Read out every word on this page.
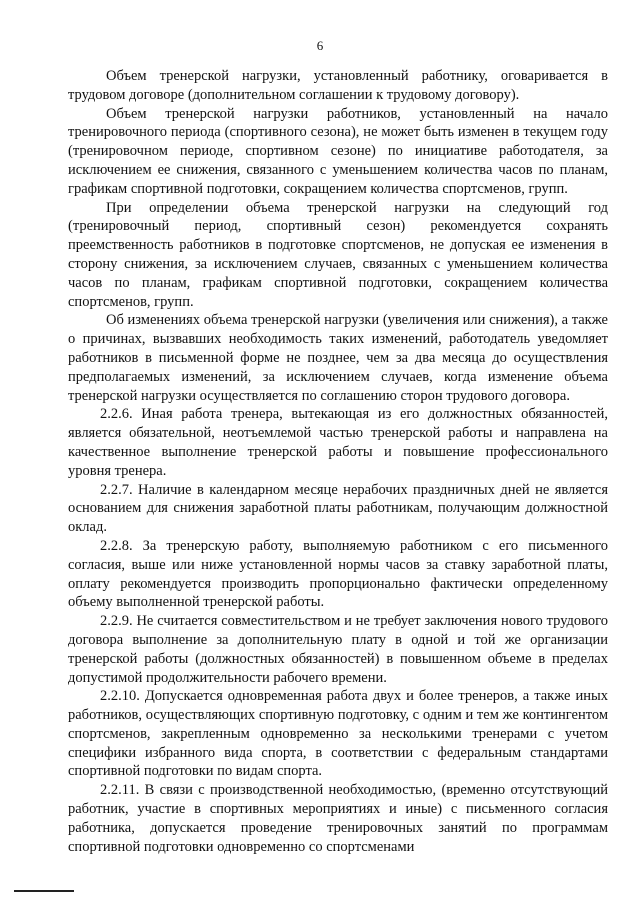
6

Объем тренерской нагрузки, установленный работнику, оговаривается в трудовом договоре (дополнительном соглашении к трудовому договору).

Объем тренерской нагрузки работников, установленный на начало тренировочного периода (спортивного сезона), не может быть изменен в текущем году (тренировочном периоде, спортивном сезоне) по инициативе работодателя, за исключением ее снижения, связанного с уменьшением количества часов по планам, графикам спортивной подготовки, сокращением количества спортсменов, групп.

При определении объема тренерской нагрузки на следующий год (тренировочный период, спортивный сезон) рекомендуется сохранять преемственность работников в подготовке спортсменов, не допуская ее изменения в сторону снижения, за исключением случаев, связанных с уменьшением количества часов по планам, графикам спортивной подготовки, сокращением количества спортсменов, групп.

Об изменениях объема тренерской нагрузки (увеличения или снижения), а также о причинах, вызвавших необходимость таких изменений, работодатель уведомляет работников в письменной форме не позднее, чем за два месяца до осуществления предполагаемых изменений, за исключением случаев, когда изменение объема тренерской нагрузки осуществляется по соглашению сторон трудового договора.

2.2.6. Иная работа тренера, вытекающая из его должностных обязанностей, является обязательной, неотъемлемой частью тренерской работы и направлена на качественное выполнение тренерской работы и повышение профессионального уровня тренера.

2.2.7. Наличие в календарном месяце нерабочих праздничных дней не является основанием для снижения заработной платы работникам, получающим должностной оклад.

2.2.8. За тренерскую работу, выполняемую работником с его письменного согласия, выше или ниже установленной нормы часов за ставку заработной платы, оплату рекомендуется производить пропорционально фактически определенному объему выполненной тренерской работы.

2.2.9. Не считается совместительством и не требует заключения нового трудового договора выполнение за дополнительную плату в одной и той же организации тренерской работы (должностных обязанностей) в повышенном объеме в пределах допустимой продолжительности рабочего времени.

2.2.10. Допускается одновременная работа двух и более тренеров, а также иных работников, осуществляющих спортивную подготовку, с одним и тем же контингентом спортсменов, закрепленным одновременно за несколькими тренерами с учетом специфики избранного вида спорта, в соответствии с федеральным стандартами спортивной подготовки по видам спорта.

2.2.11. В связи с производственной необходимостью, (временно отсутствующий работник, участие в спортивных мероприятиях и иные) с письменного согласия работника, допускается проведение тренировочных занятий по программам спортивной подготовки одновременно со спортсменами
